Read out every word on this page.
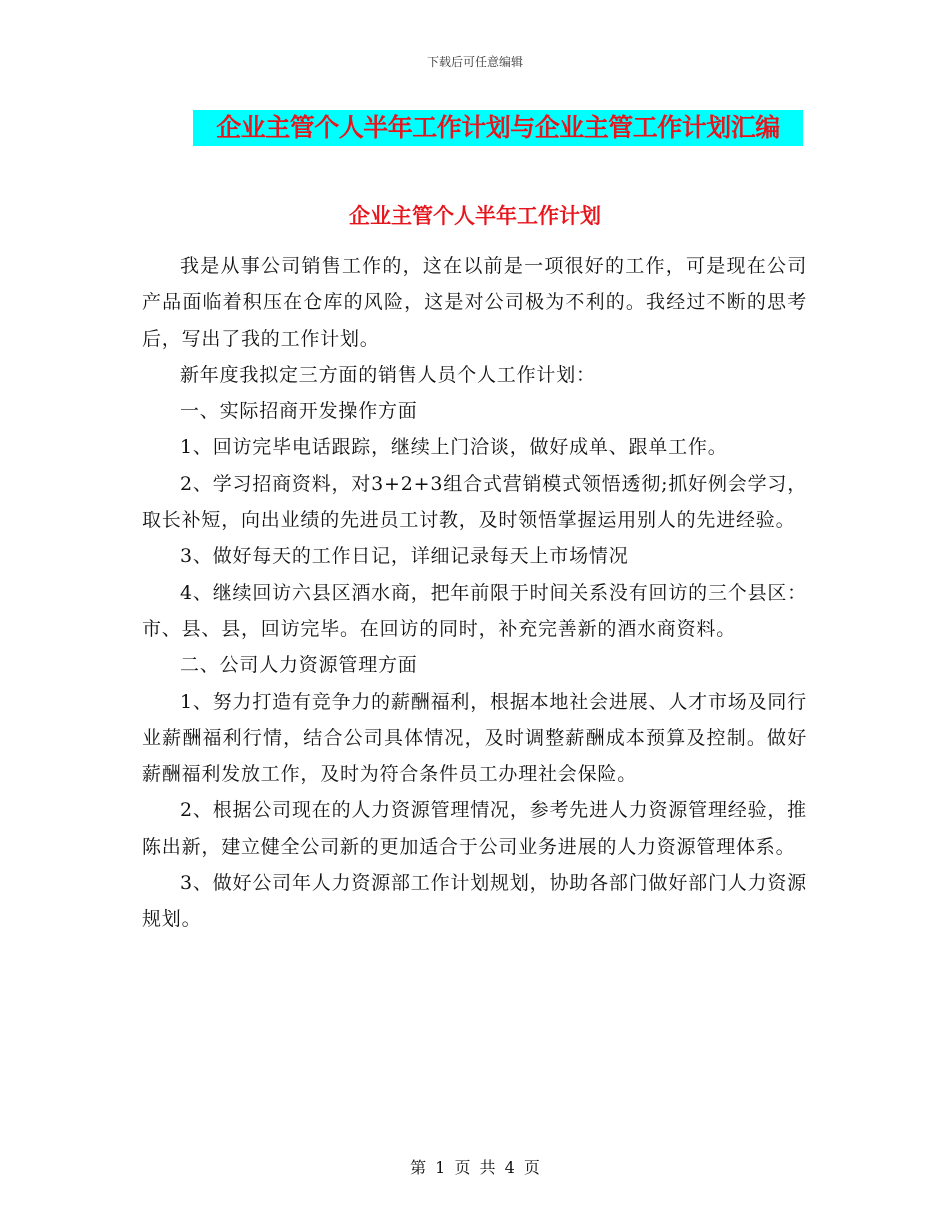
下载后可任意编辑
企业主管个人半年工作计划与企业主管工作计划汇编
企业主管个人半年工作计划

我是从事公司销售工作的，这在以前是一项很好的工作，可是现在公司产品面临着积压在仓库的风险，这是对公司极为不利的。我经过不断的思考后，写出了我的工作计划。

新年度我拟定三方面的销售人员个人工作计划：

一、实际招商开发操作方面

1、回访完毕电话跟踪，继续上门洽谈，做好成单、跟单工作。

2、学习招商资料，对3+2+3组合式营销模式领悟透彻;抓好例会学习，取长补短，向出业绩的先进员工讨教，及时领悟掌握运用别人的先进经验。

3、做好每天的工作日记，详细记录每天上市场情况

4、继续回访六县区酒水商，把年前限于时间关系没有回访的三个县区：市、县、县，回访完毕。在回访的同时，补充完善新的酒水商资料。

二、公司人力资源管理方面

1、努力打造有竞争力的薪酬福利，根据本地社会进展、人才市场及同行业薪酬福利行情，结合公司具体情况，及时调整薪酬成本预算及控制。做好薪酬福利发放工作，及时为符合条件员工办理社会保险。

2、根据公司现在的人力资源管理情况，参考先进人力资源管理经验，推陈出新，建立健全公司新的更加适合于公司业务进展的人力资源管理体系。

3、做好公司年人力资源部工作计划规划，协助各部门做好部门人力资源规划。

第 1 页 共 4 页
